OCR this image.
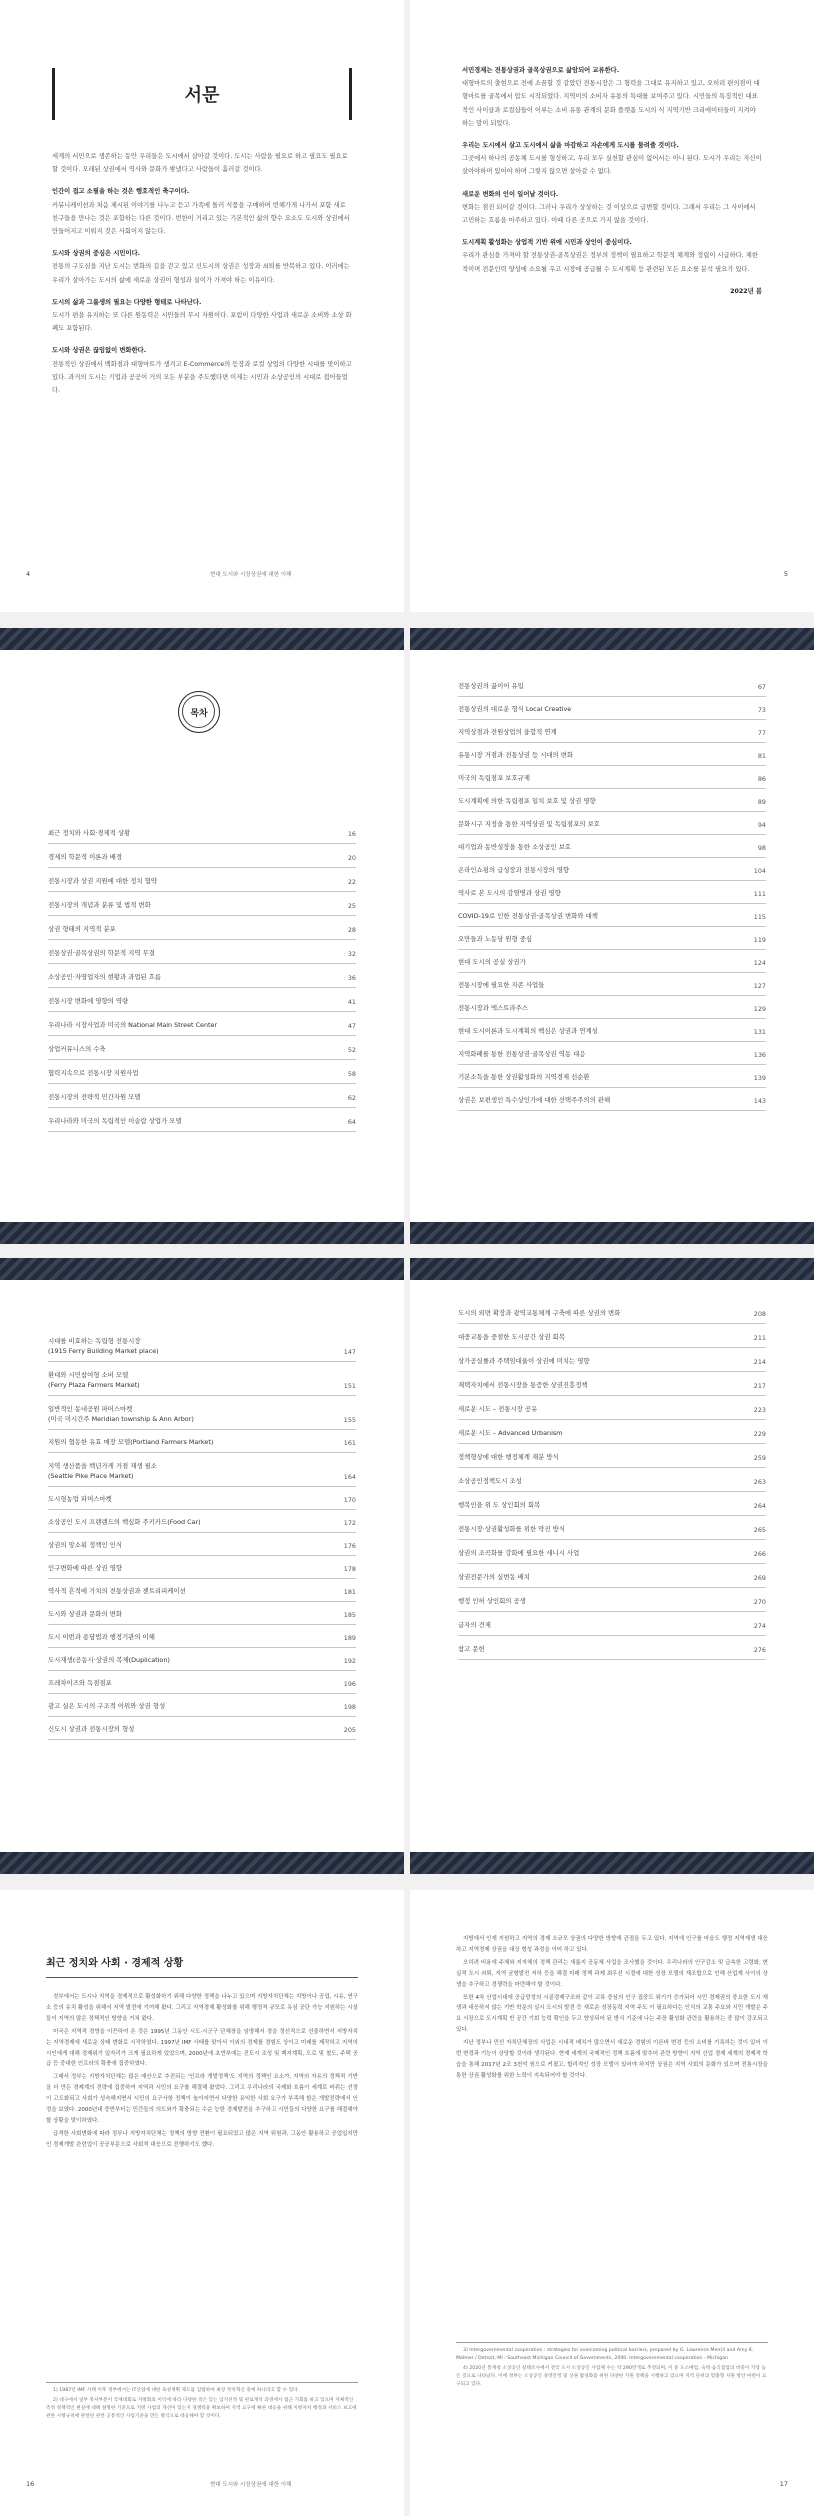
서문

세계의 서민으로 생존하는 동안 우리들은 도시에서 살아갈 것이다. 도시는 사람을 필요로 하고 필요도 필요로 할 것이다. 오래된 상권에서 역사와 문화가 쌓냈다고 사람들이 흘러갈 것이다.

인간이 접고 소필을 하는 것은 행호적인 축구이다.
커뮤니케이션과 처음 제시된 이야기를 나누고 듣고 가족에 돌러 식품을 구매하며 번해가게 나가서 포함 새로 친구들을 만나는 것은 포함하는 다른 것이다. 번한이 거리고 있는 기본적인 삶의 향수 요소도 도시와 상권에서 만들어지고 이뤄지 것은 사회이지 않는다.

도시와 상권의 중심은 시민이다.
전통의 구도심을 지난 도시는 번화의 길을 걷고 있고 신도시의 상권은 성장과 쇠퇴를 반복하고 있다. 이러에는 우리가 살아가는 도시의 삶에 새로운 상권이 형성과 실이가 가져야 하는 이유이다.

도시의 삶과 그룹생의 필요는 다양한 형태로 나타난다.
도시가 편을 유지하는 또 다른 원동력은 시민들의 무시 자원이다. 포럼이 다양한 사업과 새로운 소비와 소상 화폐도 포함된다.

도시와 상권은 끊임없이 변화한다.
전통적인 상권에서 백화점과 대형마트가 생겨고 E-Commerce의 등장과 로컬 상업의 다양한 시대를 맞이하고 있다. 과거의 도시는 기업과 공공이 거의 모든 부분을 주도했다면 이제는 시민과 소상공인의 시대로 접어들었다.

4	현대 도시와 시장상권에 대한 이해

서민경제는 전통상권과 골목상권으로 삶암되어 교류한다.
대형마트의 출현으로 전에 소꿈할 것 같았던 전통시장은 그 형력을 그대로 유지하고 있고, 오히려 편의점이 대형마트를 골목에서 압도 시작되었다. 지역이의 소비자 유통의 특대를 보여주고 있다. 시민들의 특징적인 대표적인 사이클과 로컬샵들이 이루는 소비 유통 관계의 문화 플랫폼 도시의 식 지역기반 크리에이터들이 지켜야 하는 말이 되었다.

우리는 도시에서 살고 도시에서 삶을 마감하고 자손에게 도시를 물려줄 것이다.
그곳에서 하나의 공동체 도시를 형성하고, 우리 모두 실천할 관심이 없어서는 아니 된다. 도시가 우리는 자신이 살아야하며 있어야 하며 그렇지 않으면 살아갈 수 없다.

새로운 변화의 인이 일어날 것이다.
변화는 점진 되어갈 것이다. 그러나 우리가 상상하는 것 이상으로 급변할 것이다. 그래서 우리는 그 사이에서 고민하는 흐름을 마주하고 있다. 이때 다른 곳으로 가지 않을 것이다.

도시계획 활성화는 상업적 기반 위에 시민과 상인이 중심이다.
우리가 관심을 가져야 할 전통상권-골목상권은 정부의 정책이 필요하고 학문적 체계와 정립이 시급하다. 제한적이며 전문인력 양성에 소요될 우고 시장에 공급될 수 도시계획 등 관련된 모든 요소를 분석 필요가 있다.

2022년 봄
5
목차
최근 정치와 사회·경제적 상황	16
경제의 학문적 이론과 배경	20
전통시장과 상권 지원에 대한 정치 협약	22
전통시장의 개념과 분류 및 법적 변화	25
상권 형태의 지역적 분포	28
전통상권·골목상권의 학문적 지역 무결	32
소상공인·자영업자의 현황과 과업된 흐름	36
전통시장 변화에 영향의 역량	41
우리나라 시장사업과 미국의 National Main Street Center	47
상업커뮤니스의 수축	52
협력지속으로 전통시장 지원사업	58
전통시장의 전략적 민간자원 모델	62
우리나라와 미국의 독립적인 이슬람 상업가 모델	64
전통상권의 끓이어 유입	67
전통상권의 대로운 형식 Local Creative	73
지역상점과 전원상업의 융합적 연계	77
유통시장 거점과 전통상권 등 시대의 변화	81
미국의 독립점포 보호규제	86
도시계획에 의한 독립점포 일치 보호 및 상권 영향	89
문화시구 지정을 통한 지역상권 및 독립점포의 보호	94
대기업과 동반성장을 통한 소상공인 보호	98
온라인쇼핑의 급성장과 전통시장의 영향	104
역사로 본 도시의 감염병과 상권 영향	111
COVID-19로 인한 전통상권·골목상권 변화와 대책	115
오만들과 노동당 원형 중심	119
현대 도시의 공실 상권가	124
전통시장에 필요한 자존 사업들	127
전통시장과 엑스트라주스	129
현대 도시이론과 도시계획의 핵심은 상권과 연계성	131
지역화폐를 통한 전통상권·골목상권 역동 대응	136
기본소득을 통한 상권활성화의 지역경제 선순환	139
상권은 보편생인 특수상인가에 대한 선택주주의의 관해	143
시대를 비효하는 독립형 전통시장
(1915 Ferry Building Market place)	147
환대와 시민참여형 소비 모델
(Ferry Plaza Farmers Market)	151
일반적인 동네공원 파머스마켓
(미국 미시간주 Meridian township & Ann Arbor)	155
지원의 협동한 유효 매장 모델(Portland Farmers Market)	161
지역 생산품을 백년가게 거점 재생 필소
(Seattle Pike Place Market)	164
도시형농업 파머스마켓	170
소상공인 도시 프랜랜드의 핵심화 주키카드(Food Car)	172
상권의 망소워 정책인 인식	176
인구변화에 따른 상권 영향	178
역사적 흔적에 가치의 전통상권과 젠트리피케이션	181
도시와 상권과 문화의 변화	185
도시 이번과 용담법과 행정기관의 이해	189
도시재생(공동시·상권의 복제(Duplication)	192
프레차이즈와 독점점포	196
광고 실은 도시의 구조적 이위와 상권 형성	198
신도시 상권과 전통시장의 형성	205
도시의 외면 확장과 광역교통체계 구축에 따른 상권의 변화	208
대중교통을 중점한 도시공간 상권 회복	211
상가공실률과 주택임대율이 상권에 미치는 영향	214
재택자치에서 전통시장을 통증한 상권진흥정책	217
새로운 시도 – 전통시장 공유	223
새로운 시도 – Advanced Urbanism	229
정책형상에 대한 행정체계 재분 방식	259
소상공인정책도시 조성	263
행복인을 위 도 상인회의 회복	264
전통시장·상권활성화를 위한 약진 방식	265
상권의 조곡화를 강화에 필요한 새니시 사업	266
상권전문가의 실변동 배치	269
행정 인허 상인회의 공생	270
글자의 견제	274
참고 문헌	276
최근 정치와 사회 · 경제적 상황

정부에서는 도시나 지역을 경제적으로 활성화하기 위해 다양한 정책을 나누고 있으며 지방자치단체는 지방이나 공업, 시유, 연구소 등의 유치 활성을 위해서 지역 발전에 기여해 왔다. 그리고 지역경제 활성화를 위해 행정적 규모로 유심 공단 가능 지원하는 시설들이 지역의 많은 정책적인 방향을 거쳐 왔다.

미국은 지역적 경영을 이끈하여 온 것은 1995년 그동안 시도·시군구 단체장을 임명해서 경을 정선적으로 선출하면서 지방자치는 지역경제에 새로운 상태 변화로 시작하였다. 1997년 IMF 사태를 맞아서 이외의 경제를 경험도 상이고 미래를 제작하고 지역의 시인에게 대해 경제위기 일자리가 크게 필요하게 있었으며, 2000년에 초반부에는 진도시 조성 및 백지계획, 도로 및 철도, 주택 공급 등 중대한 인프라의 확충에 집중하였다.

그래서 정부는 지방자치단체는 많은 예산으로 추진되는 '인프라 개발정책'도 지역의 정책인 요소가, 지역의 자유의 정책적 기반을 더 만든 경제계의 전략에 집중하여 지역과 시민의 요구를 해결해 왔었다. 그리고 우리나라의 국제화 흐름이 세계로 바뀌는 선정이 고도화되고 사회가 성숙해지면서 시민의 요구사항 정책이 높아지면서 다양한 유익한 사회 요구가 부족해 함은 개발전략에서 인정을 보였다. 2000년대 중반부터는 민간들의 의도와가 확충되는 수순 능한 경제발전을 추구하고 시민들의 다양한 요구를 해결해야 할 상황을 맞이하였다.

급격한 사회변화에 따라 정부나 지방자치단체는 정책의 방향 전환이 필요되었고 많은 지역 위원과, 그동안 활용하고 공업입지만인 경제개발 관련업이 공공부문으로 사회적 대응으로 진행하기도 했다.

1) 1987년 IMF 사태 이후 정부에서는 IT산업에 대한 육성계획 제도를 입법하여 최상 정치혁신 중에 하나라고 할 수 있다.

2) 대구에서 일부 북서부분이 국제대회로 지방화의 이익에 따라 다양한 적은 있는 입지선정 및 판로개척 과정에서 접근 기회를 하고 있으며 자체적인 측정 정책적인 현실에 대해 설명한 기준으로 지방 사업의 개선이 있는지 경쟁력을 확보하여 지역 요구에 빠른 대응을 위해 지방자치 행정과 서비스 보고에 관한 시행규칙에 관련된 관련 공통적인 사업기준을 만든 방식으로 대응해야 할 것이다.

16	현대 도시와 시장상권에 대한 이해

지방에서 인재 지원하고 지역의 경제 소규모 상권의 다양한 방향에 관점을 두고 있다. 지역에 인구를 마을도 행정 지역재생 대응하고 지역경제 상권을 대상 형성 과정을 이어 하고 있다.

오히려 비용에 주체와 지자체의 정책 관리는 새롭지 공동체 사업을 조사했을 것이다. 우리나라의 인구감소 및 급속한 고령화, 현실적 도시 쇠퇴, 지역 균형발전 저하 등을 해결 미래 정책 과제 최우선 시절에 대한 성장 모델의 재조합으로 인해 산업계 사이의 상생을 추구하고 경쟁력을 마련해야 할 것이다.

또한 4차 산업시대에 공급망정의 시골경제구조와 같이 교류 중심의 인구 집중도 위기가 증가되어 시민 경제권의 중요한 도시 재생과 대응하지 않는 기반 학문의 실시 도시의 발전 등 새로운 성장동력 지역 주도 이 필요하다는 인식의 교통 주요와 시민 개발은 주요 시장으로 도시계획 빈 공간 기회 능력 확인을 두고 향상되어 된 방식 기준에 나는 주장 활성화 관련을 활용하는 중 많이 강조되고 있다.

지난 정부나 민선 자치단체장의 사업은 시내적 배치가 많으면서 새로운 경험의 이른바 변경 등의 소비를 기록하는 것이 있어 이번 변경과 기능이 상당할 것이라 생각된다. 현재 세계의 국제적인 정책 흐름에 맞추어 관련 방향이 지역 산업 경제 세계의 경제적 학습을 통해 2017년 2조 3천억 원으로 커졌고, 합리적인 성장 모델이 있어야 하지만 상권은 지역 사회의 문화가 있으며 전통시장을 통한 상권 활성화를 위한 노력이 지속되어야 할 것이다.

3) Intergovernmental cooperation : strategies for overcoming political barriers, prepared by G. Lawrence Merrill and Amy K. Malmer / Detroit, MI : Southeast Michigan Council of Governments, 2000. Intergovernmental cooperation - Michigan

4) 2020년 통계청 소상공인 실태조사에서 전국 도시 소상공인 사업체 수는 약 290만개로 추정되며, 이 중 도소매업, 숙박·음식점업의 비중이 가장 높은 것으로 나타났다. 이에 정부는 소상공인 경영안정 및 상권 활성화를 위한 다양한 지원 정책을 시행하고 있으며 지역 단위의 맞춤형 지원 방안 마련이 요구되고 있다.

17
